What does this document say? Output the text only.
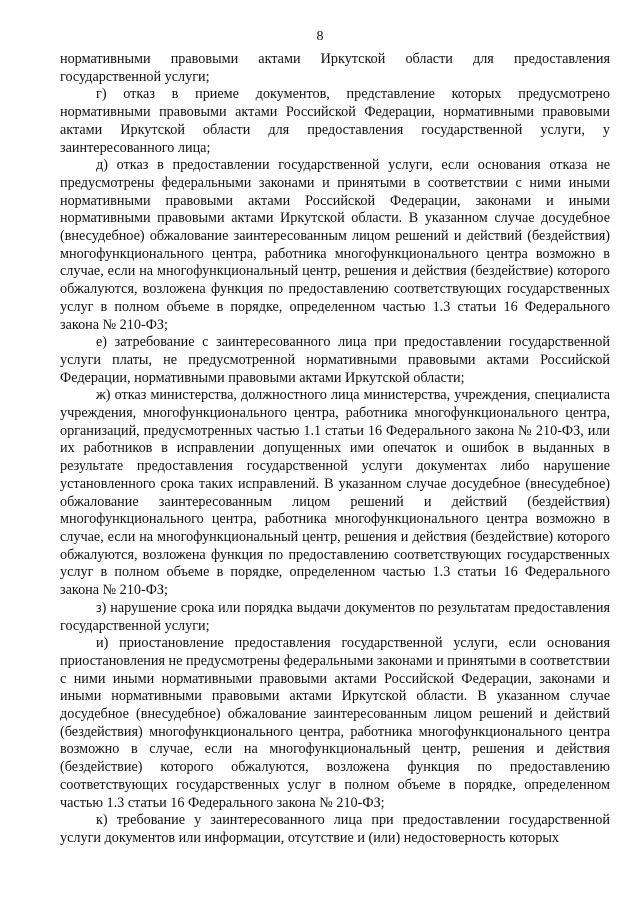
8

нормативными правовыми актами Иркутской области для предоставления государственной услуги;

г) отказ в приеме документов, представление которых предусмотрено нормативными правовыми актами Российской Федерации, нормативными правовыми актами Иркутской области для предоставления государственной услуги, у заинтересованного лица;

д) отказ в предоставлении государственной услуги, если основания отказа не предусмотрены федеральными законами и принятыми в соответствии с ними иными нормативными правовыми актами Российской Федерации, законами и иными нормативными правовыми актами Иркутской области. В указанном случае досудебное (внесудебное) обжалование заинтересованным лицом решений и действий (бездействия) многофункционального центра, работника многофункционального центра возможно в случае, если на многофункциональный центр, решения и действия (бездействие) которого обжалуются, возложена функция по предоставлению соответствующих государственных услуг в полном объеме в порядке, определенном частью 1.3 статьи 16 Федерального закона № 210-ФЗ;

е) затребование с заинтересованного лица при предоставлении государственной услуги платы, не предусмотренной нормативными правовыми актами Российской Федерации, нормативными правовыми актами Иркутской области;

ж) отказ министерства, должностного лица министерства, учреждения, специалиста учреждения, многофункционального центра, работника многофункционального центра, организаций, предусмотренных частью 1.1 статьи 16 Федерального закона № 210-ФЗ, или их работников в исправлении допущенных ими опечаток и ошибок в выданных в результате предоставления государственной услуги документах либо нарушение установленного срока таких исправлений. В указанном случае досудебное (внесудебное) обжалование заинтересованным лицом решений и действий (бездействия) многофункционального центра, работника многофункционального центра возможно в случае, если на многофункциональный центр, решения и действия (бездействие) которого обжалуются, возложена функция по предоставлению соответствующих государственных услуг в полном объеме в порядке, определенном частью 1.3 статьи 16 Федерального закона № 210-ФЗ;

з) нарушение срока или порядка выдачи документов по результатам предоставления государственной услуги;

и) приостановление предоставления государственной услуги, если основания приостановления не предусмотрены федеральными законами и принятыми в соответствии с ними иными нормативными правовыми актами Российской Федерации, законами и иными нормативными правовыми актами Иркутской области. В указанном случае досудебное (внесудебное) обжалование заинтересованным лицом решений и действий (бездействия) многофункционального центра, работника многофункционального центра возможно в случае, если на многофункциональный центр, решения и действия (бездействие) которого обжалуются, возложена функция по предоставлению соответствующих государственных услуг в полном объеме в порядке, определенном частью 1.3 статьи 16 Федерального закона № 210-ФЗ;

к) требование у заинтересованного лица при предоставлении государственной услуги документов или информации, отсутствие и (или) недостоверность которых
